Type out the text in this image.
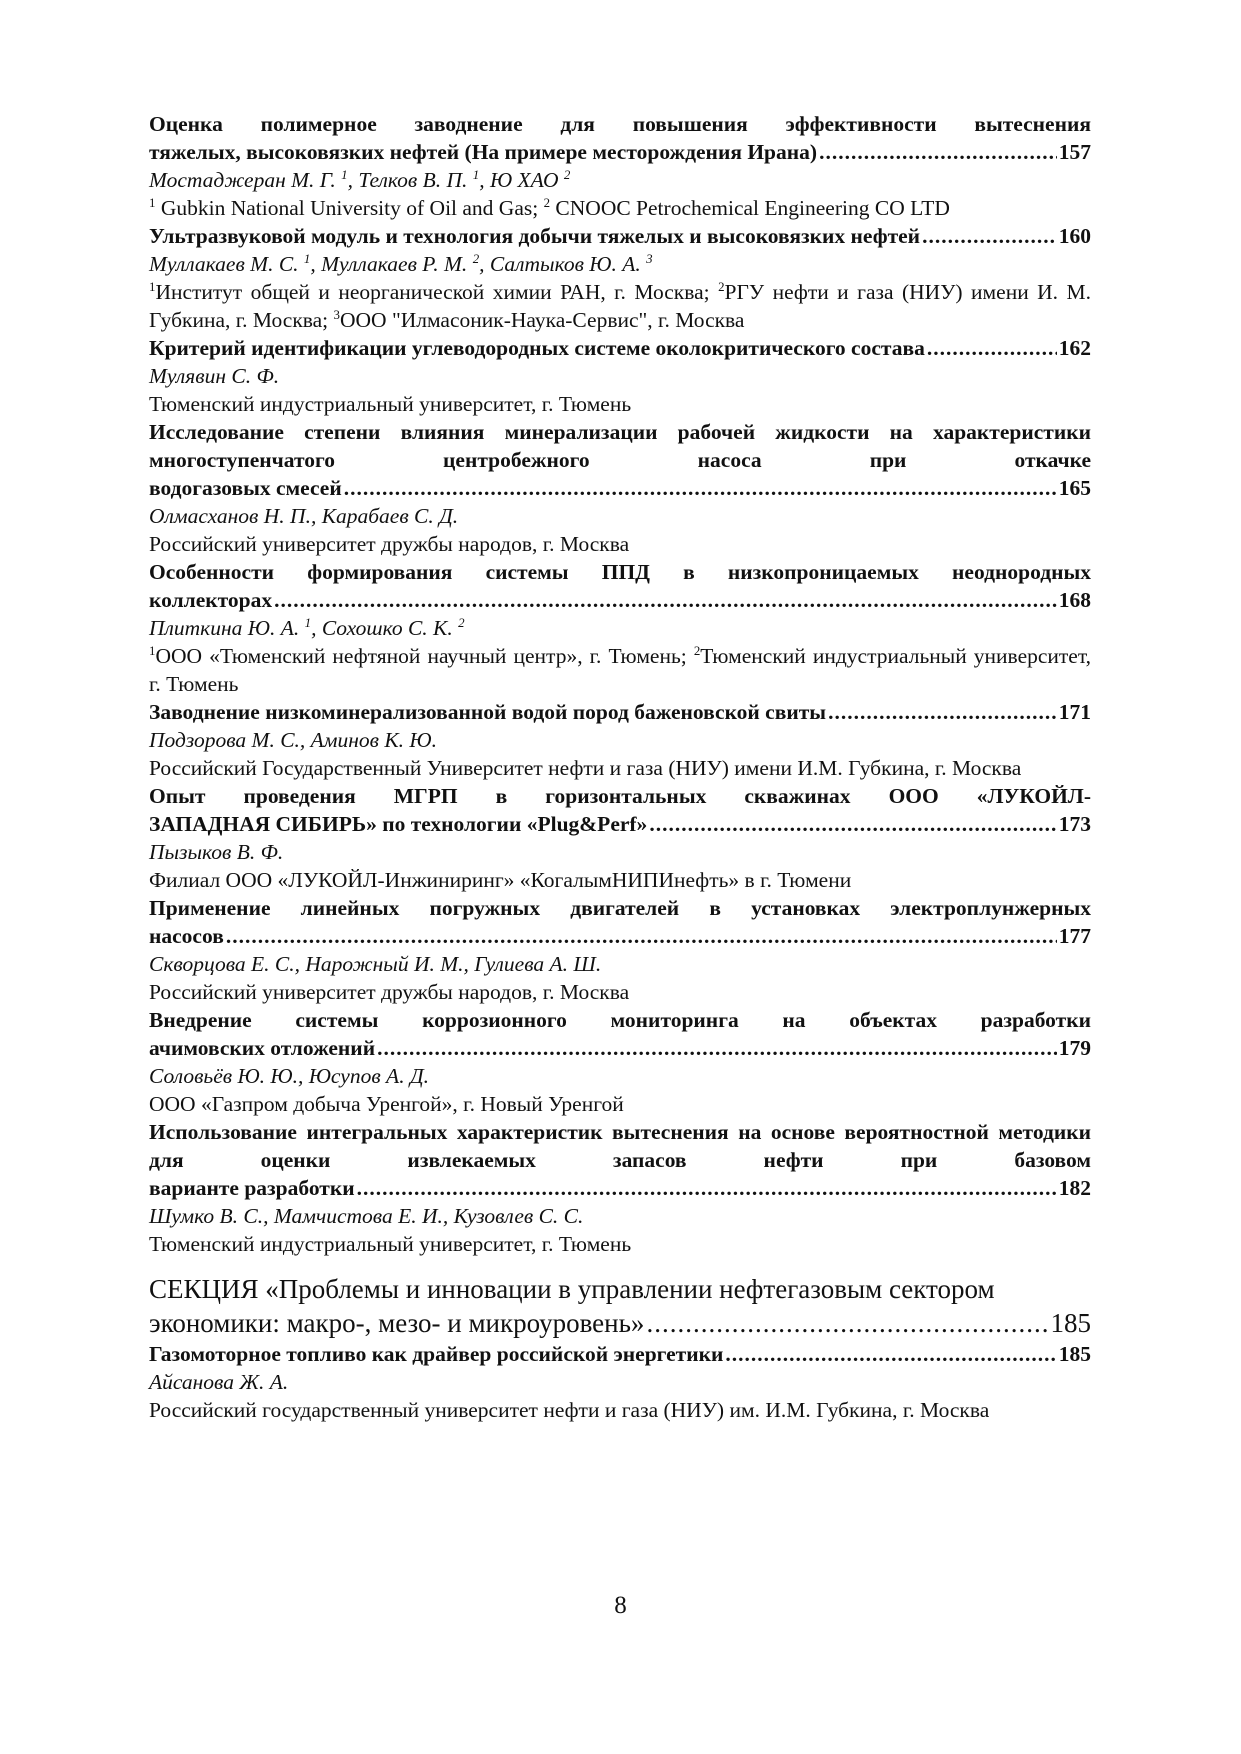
Оценка полимерное заводнение для повышения эффективности вытеснения
тяжелых, высоковязких нефтей (На примере месторождения Ирана) .....	157
Мостаджеран М. Г. $^1$, Телков В. П. $^1$, Ю ХАО $^2$
$^1$ Gubkin National University of Oil and Gas; $^2$ CNOOC Petrochemical Engineering CO LTD
Ультразвуковой модуль и технология добычи тяжелых и высоковязких нефтей .....	160
Муллакаев М. С. $^1$, Муллакаев Р. М. $^2$, Салтыков Ю. А. $^3$
$^1$Институт общей и неорганической химии РАН, г. Москва; $^2$РГУ нефти и газа (НИУ) имени И. М. Губкина, г. Москва; $^3$ООО "Илмасоник-Наука-Сервис", г. Москва
Критерий идентификации углеводородных системе околокритического состава .....	162
Мулявин С. Ф.
Тюменский индустриальный университет, г. Тюмень
Исследование степени влияния минерализации рабочей жидкости на характеристики многоступенчатого центробежного насоса при откачке
водогазовых смесей .....	165
Олмасханов Н. П., Карабаев С. Д.
Российский университет дружбы народов, г. Москва
Особенности формирования системы ППД в низкопроницаемых неоднородных
коллекторах .....	168
Плиткина Ю. А. $^1$, Сохошко С. К. $^2$
$^1$ООО «Тюменский нефтяной научный центр», г. Тюмень; $^2$Тюменский индустриальный университет, г. Тюмень
Заводнение низкоминерализованной водой пород баженовской свиты .....	171
Подзорова М. С., Аминов К. Ю.
Российский Государственный Университет нефти и газа (НИУ) имени И.М. Губкина, г. Москва
Опыт проведения МГРП в горизонтальных скважинах ООО «ЛУКОЙЛ-
ЗАПАДНАЯ СИБИРЬ» по технологии «Plug&Perf» .....	173
Пызыков В. Ф.
Филиал ООО «ЛУКОЙЛ-Инжиниринг» «КогалымНИПИнефть» в г. Тюмени
Применение линейных погружных двигателей в установках электроплунжерных
насосов .....	177
Скворцова Е. С., Нарожный И. М., Гулиева А. Ш.
Российский университет дружбы народов, г. Москва
Внедрение системы коррозионного мониторинга на объектах разработки
ачимовских отложений .....	179
Соловьёв Ю. Ю., Юсупов А. Д.
ООО «Газпром добыча Уренгой», г. Новый Уренгой
Использование интегральных характеристик вытеснения на основе вероятностной методики для оценки извлекаемых запасов нефти при базовом
варианте разработки .....	182
Шумко В. С., Мамчистова Е. И., Кузовлев С. С.
Тюменский индустриальный университет, г. Тюмень
СЕКЦИЯ «Проблемы и инновации в управлении нефтегазовым сектором
экономики: макро-, мезо- и микроуровень» .....	185
Газомоторное топливо как драйвер российской энергетики .....	185
Айсанова Ж. А.
Российский государственный университет нефти и газа (НИУ) им. И.М. Губкина, г. Москва
8
